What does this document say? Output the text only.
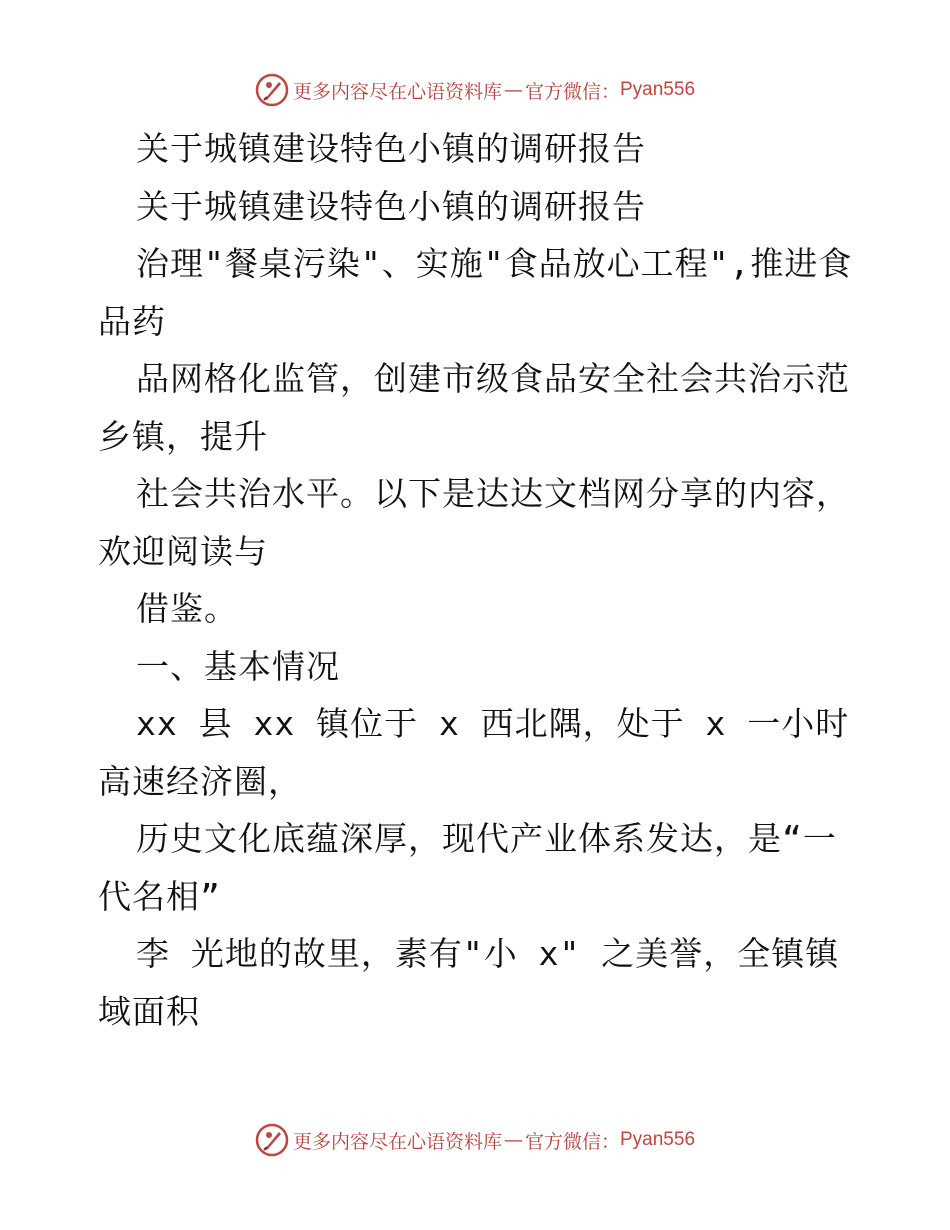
更多内容尽在心语资料库 — 官方微信： Pyan556

关于城镇建设特色小镇的调研报告

关于城镇建设特色小镇的调研报告

治理"餐桌污染"、实施"食品放心工程",推进食品药

品网格化监管，创建市级食品安全社会共治示范乡镇，提升

社会共治水平。以下是达达文档网分享的内容，欢迎阅读与

借鉴。

一、基本情况

xx 县 xx 镇位于 x 西北隅，处于 x 一小时高速经济圈，

历史文化底蕴深厚，现代产业体系发达，是“一代名相”

李 光地的故里，素有"小 x" 之美誉，全镇镇域面积

更多内容尽在心语资料库 — 官方微信： Pyan556
